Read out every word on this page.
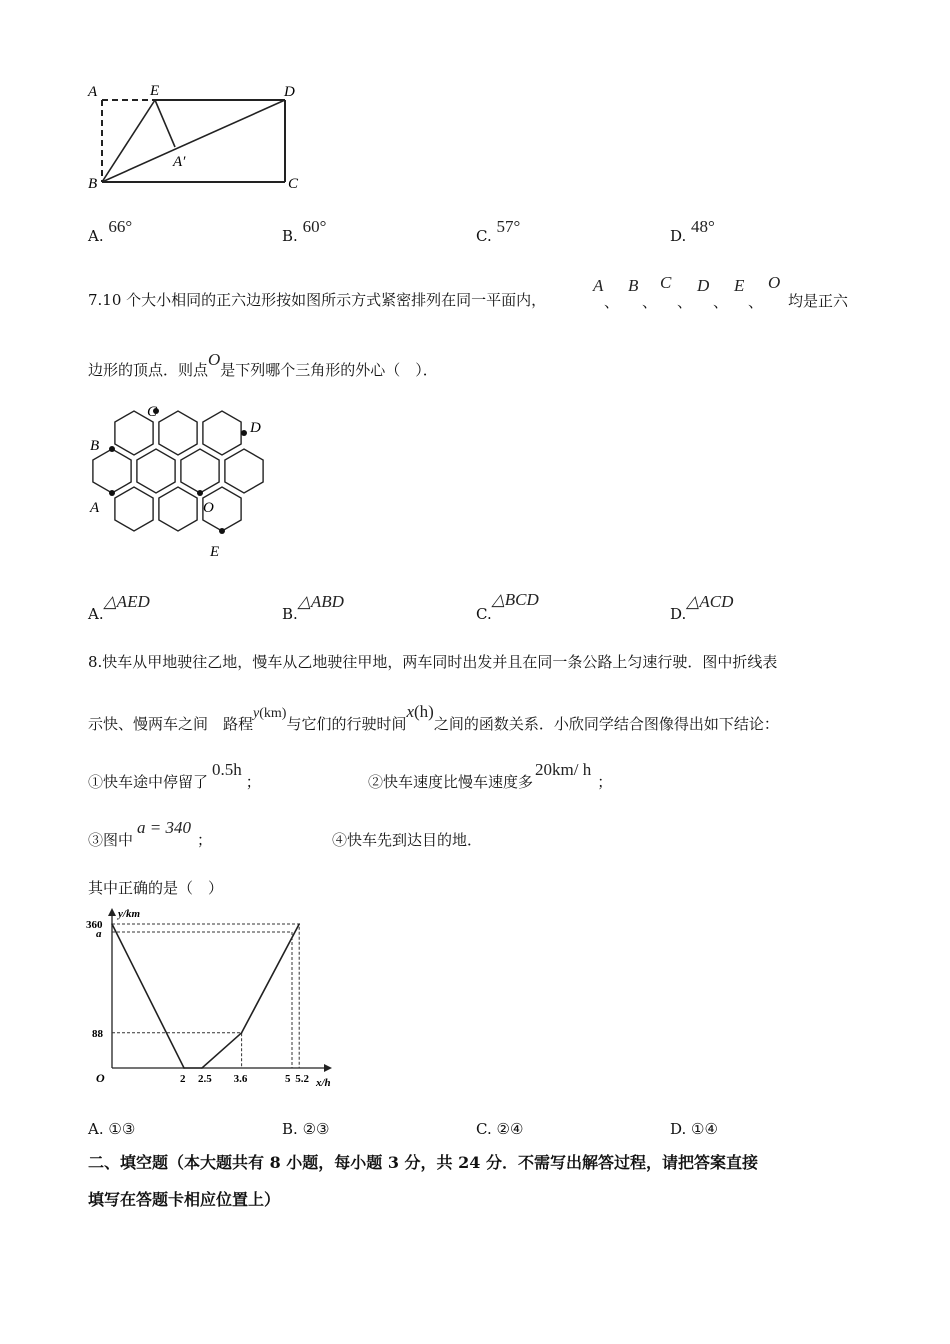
A	E	D
B	C
A′
A. 66°	B. 60°	C. 57°	D. 48°
7.10 个大小相同的正六边形按如图所示方式紧密排列在同一平面内，
A
、
B
、
C
、
D
、
E
、
O
均是正六
边形的顶点．则点O是下列哪个三角形的外心（　）．
B
C
D
A	O
E
A.△AED
B.△ABD
C.△BCD
D.△ACD
8.快车从甲地驶往乙地，慢车从乙地驶往甲地，两车同时出发并且在同一条公路上匀速行驶．图中折线表
示快、慢两车之间　路程y(km)与它们的行驶时间x(h)之间的函数关系．小欣同学结合图像得出如下结论：
①快车途中停留了0.5h；	②快车速度比慢车速度多20km/ h；
③图中a = 340；	④快车先到达目的地．
其中正确的是（　）
y/km
x/h
360
a
88
O	2 2.5 3.6	5 5.2
A. ①③	B. ②③	C. ②④	D. ①④
二、填空题（本大题共有 8 小题，每小题 3 分，共 24 分．不需写出解答过程，请把答案直接
填写在答题卡相应位置上）
